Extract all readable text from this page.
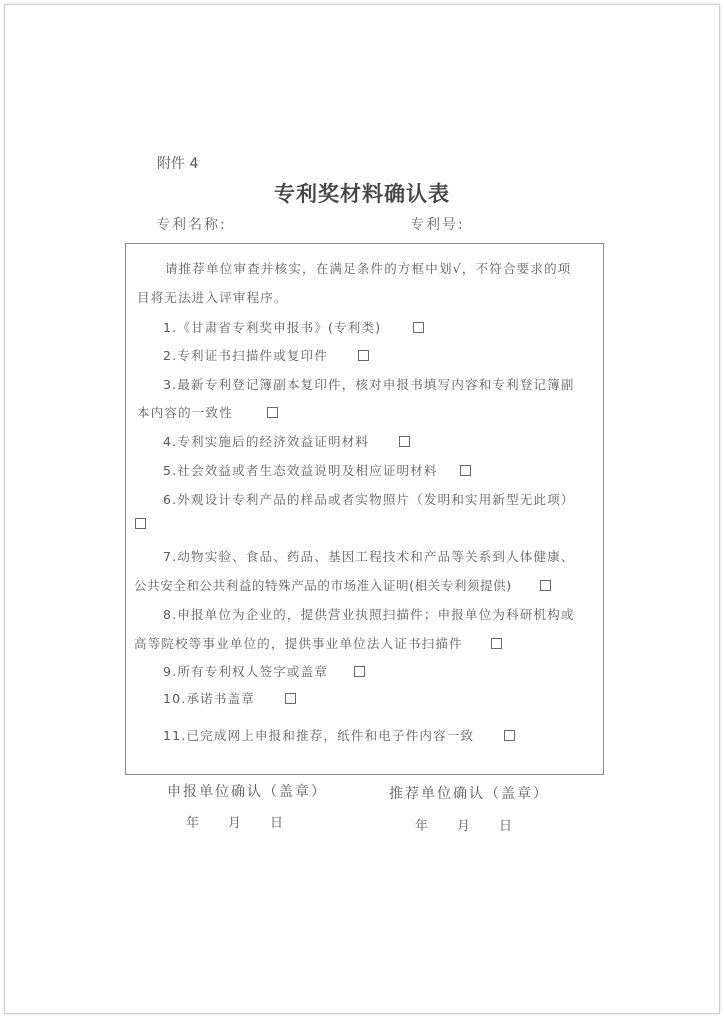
附件 4
专利奖材料确认表
专利名称:	专利号:
请推荐单位审查并核实，在满足条件的方框中划√，不符合要求的项
目将无法进入评审程序。
1.《甘肃省专利奖申报书》(专利类)
2.专利证书扫描件或复印件
3.最新专利登记簿副本复印件，核对申报书填写内容和专利登记簿副
本内容的一致性
4.专利实施后的经济效益证明材料
5.社会效益或者生态效益说明及相应证明材料
6.外观设计专利产品的样品或者实物照片（发明和实用新型无此项）
7.动物实验、食品、药品、基因工程技术和产品等关系到人体健康、
公共安全和公共利益的特殊产品的市场准入证明(相关专利须提供)
8.申报单位为企业的，提供营业执照扫描件；申报单位为科研机构或
高等院校等事业单位的，提供事业单位法人证书扫描件
9.所有专利权人签字或盖章
10.承诺书盖章
11.已完成网上申报和推荐，纸件和电子件内容一致
申报单位确认（盖章）	推荐单位确认（盖章）
年 月 日	年 月 日
